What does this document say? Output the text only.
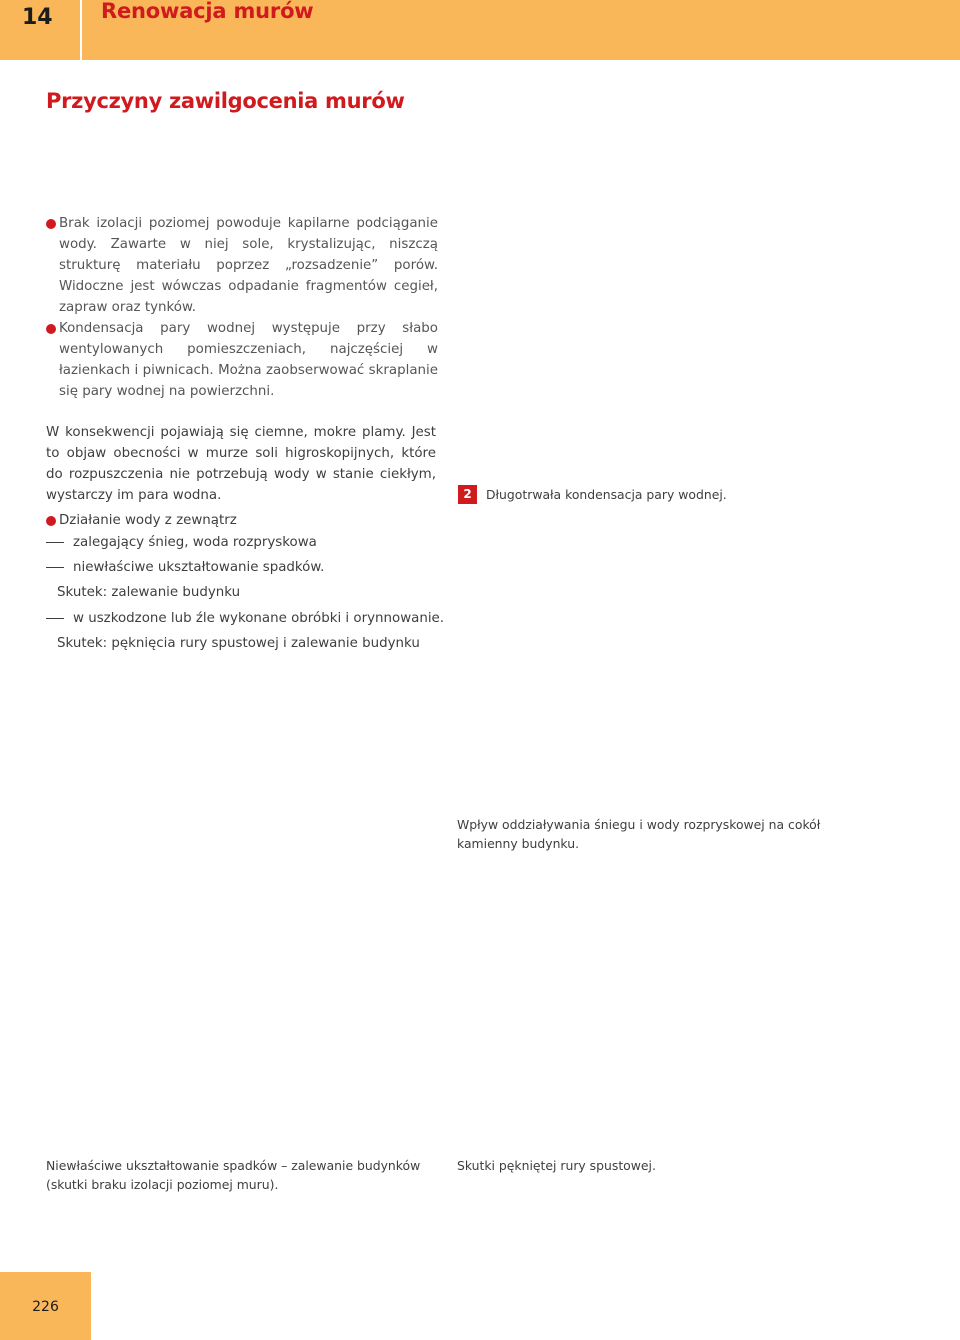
14 Renowacja murów
Przyczyny zawilgocenia murów

Brak izolacji poziomej powoduje kapilarne podciąganie wody. Zawarte w niej sole, krystalizując, niszczą strukturę materiału poprzez „rozsadzenie” porów. Widoczne jest wówczas odpadanie fragmentów cegieł, zapraw oraz tynków.

Kondensacja pary wodnej występuje przy słabo wentylowanych pomieszczeniach, najczęściej w łazienkach i piwnicach. Można zaobserwować skraplanie się pary wodnej na powierzchni.

W konsekwencji pojawiają się ciemne, mokre plamy. Jest to objaw obecności w murze soli higroskopijnych, które do rozpuszczenia nie potrzebują wody w stanie ciekłym, wystarczy im para wodna.

Działanie wody z zewnątrz

zalegający śnieg, woda rozpryskowa

niewłaściwe ukształtowanie spadków.

Skutek: zalewanie budynku

w uszkodzone lub źle wykonane obróbki i orynnowanie.

Skutek: pęknięcia rury spustowej i zalewanie budynku

2	Długotrwała kondensacja pary wodnej.

Wpływ oddziaływania śniegu i wody rozpryskowej na cokół kamienny budynku.

Niewłaściwe ukształtowanie spadków – zalewanie budynków (skutki braku izolacji poziomej muru).

Skutki pękniętej rury spustowej.

226
